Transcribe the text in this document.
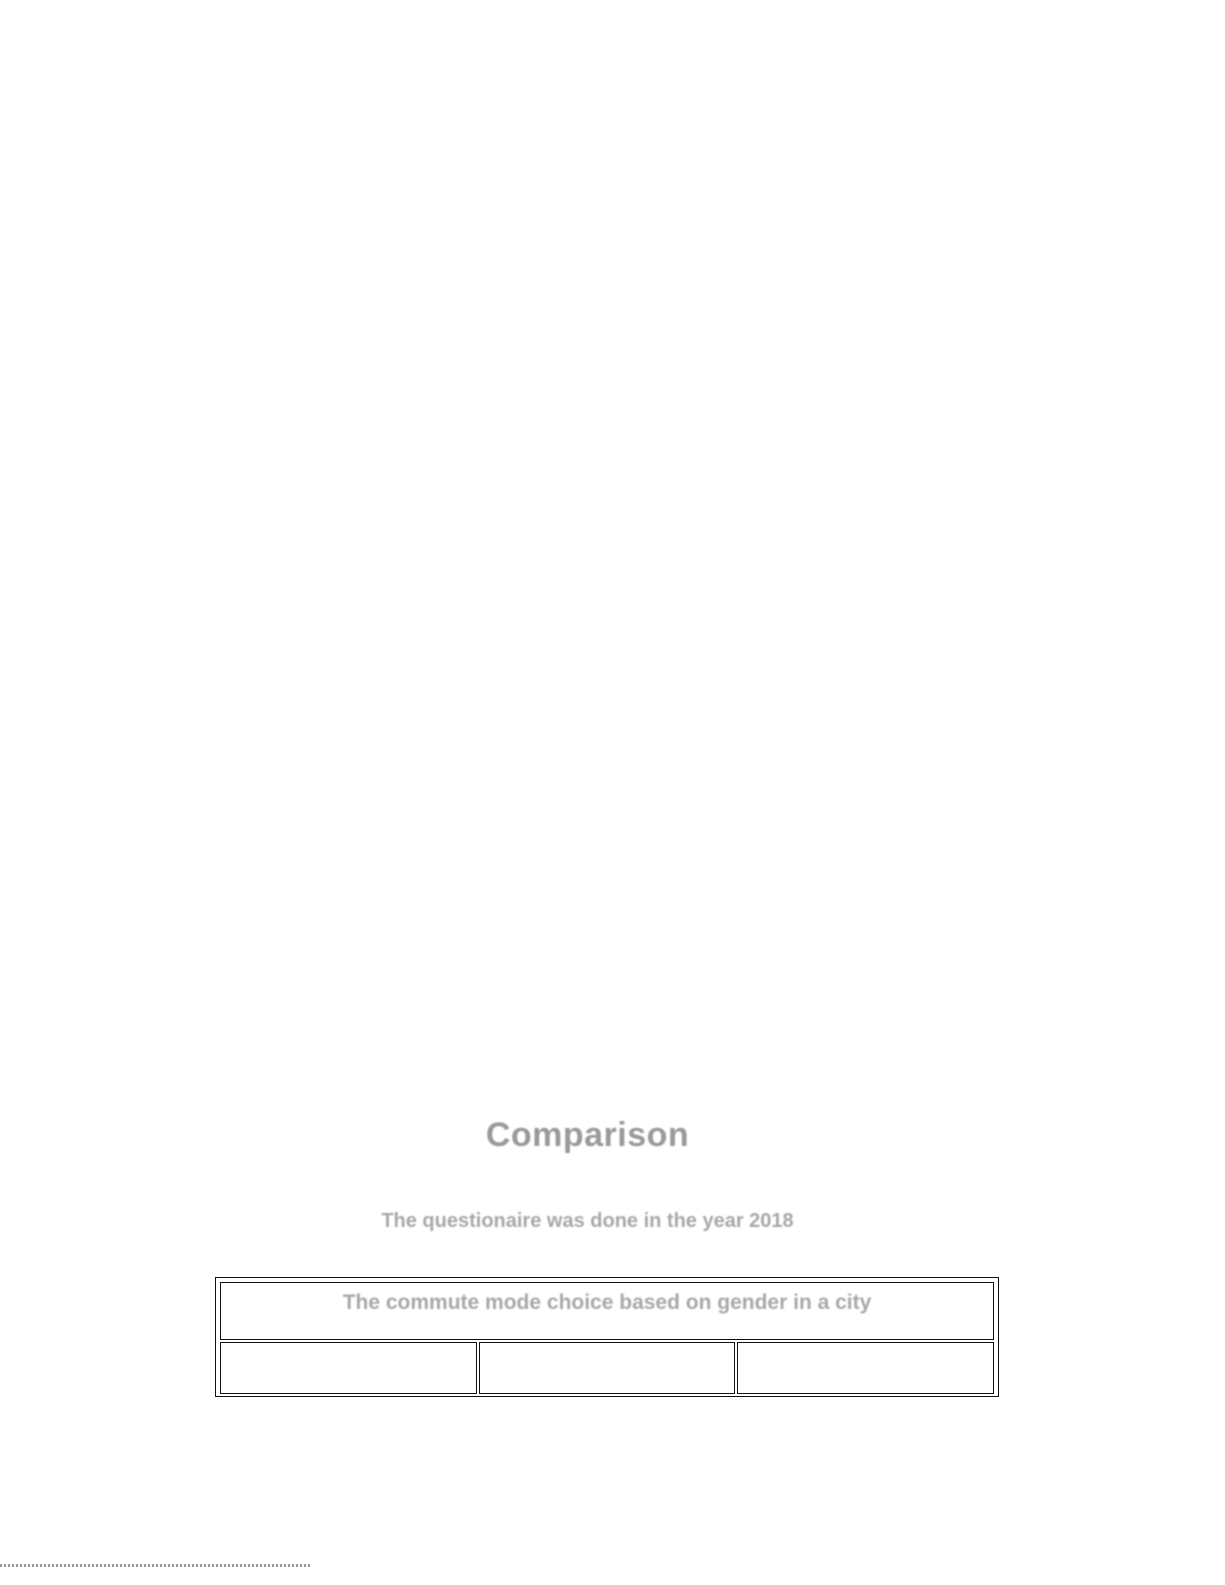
Comparison
The questionaire was done in the year 2018
The commute mode choice based on gender in a city
